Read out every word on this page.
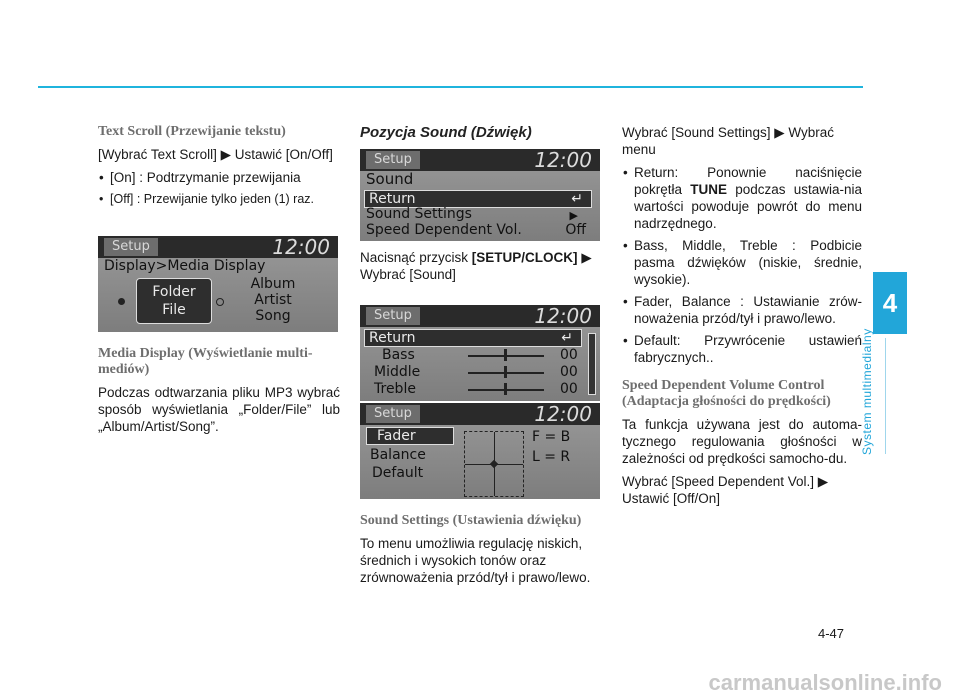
4
System multimedialny
Text Scroll (Przewijanie tekstu)

[Wybrać Text Scroll] ▶ Ustawić [On/Off]

• [On] : Podtrzymanie przewijania
• [Off] : Przewijanie tylko jeden (1) raz.
Setup	12:00
Display>Media Display
Folder
File
Album
Artist
Song
Media Display (Wyświetlanie multi-mediów)

Podczas odtwarzania pliku MP3 wybrać sposób wyświetlania „Folder/File” lub „Album/Artist/Song”.

Pozycja Sound (Dźwięk)
Setup	12:00
Sound
Return	↵
Sound Settings	▶
Speed Dependent Vol.	Off

Nacisnąć przycisk [SETUP/CLOCK] ▶ Wybrać [Sound]

Setup	12:00
Return	↵
Bass	00
Middle	00
Treble	00
Setup	12:00
Fader
Balance
Default
F = B
L = R
Sound Settings (Ustawienia dźwięku)

To menu umożliwia regulację niskich, średnich i wysokich tonów oraz zrównoważenia przód/tył i prawo/lewo.

Wybrać [Sound Settings] ▶ Wybrać menu

• Return: Ponownie naciśnięcie pokrętła TUNE podczas ustawia-nia wartości powoduje powrót do menu nadrzędnego.
• Bass, Middle, Treble : Podbicie pasma dźwięków (niskie, średnie, wysokie).
• Fader, Balance : Ustawianie zrów-noważenia przód/tył i prawo/lewo.
• Default: Przywrócenie ustawień fabrycznych..
Speed Dependent Volume Control (Adaptacja głośności do prędkości)

Ta funkcja używana jest do automa-tycznego regulowania głośności w zależności od prędkości samocho-du.

Wybrać [Speed Dependent Vol.] ▶ Ustawić [Off/On]

4-47
carmanualsonline.info
